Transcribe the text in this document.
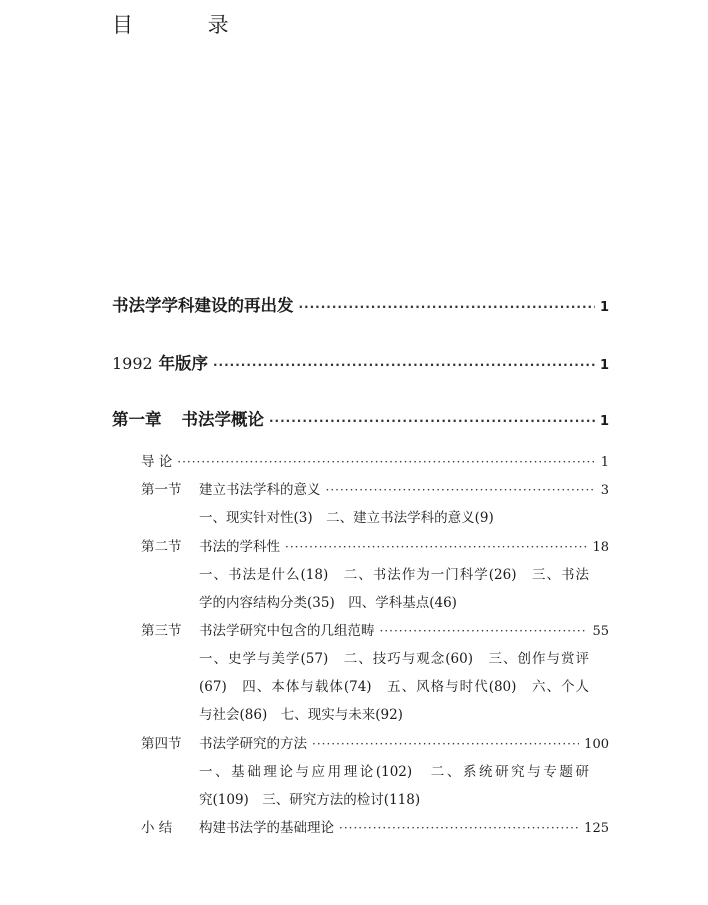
目 录
书法学学科建设的再出发 ·····	1
1992 年版序 ·····	1
第一章 书法学概论 ·····	1
导 论 ·····	1
第一节 建立书法学科的意义 ·····	3
一、现实针对性(3)　二、建立书法学科的意义(9)
第二节 书法的学科性 ·····	18
一、书法是什么(18)　二、书法作为一门科学(26)　三、书法
学的内容结构分类(35)　四、学科基点(46)
第三节 书法学研究中包含的几组范畴 ·····	55
一、史学与美学(57)　二、技巧与观念(60)　三、创作与赏评
(67)　四、本体与载体(74)　五、风格与时代(80)　六、个人
与社会(86)　七、现实与未来(92)
第四节 书法学研究的方法 ·····	100
一、基础理论与应用理论(102)　二、系统研究与专题研
究(109)　三、研究方法的检讨(118)
小 结 构建书法学的基础理论 ·····	125
